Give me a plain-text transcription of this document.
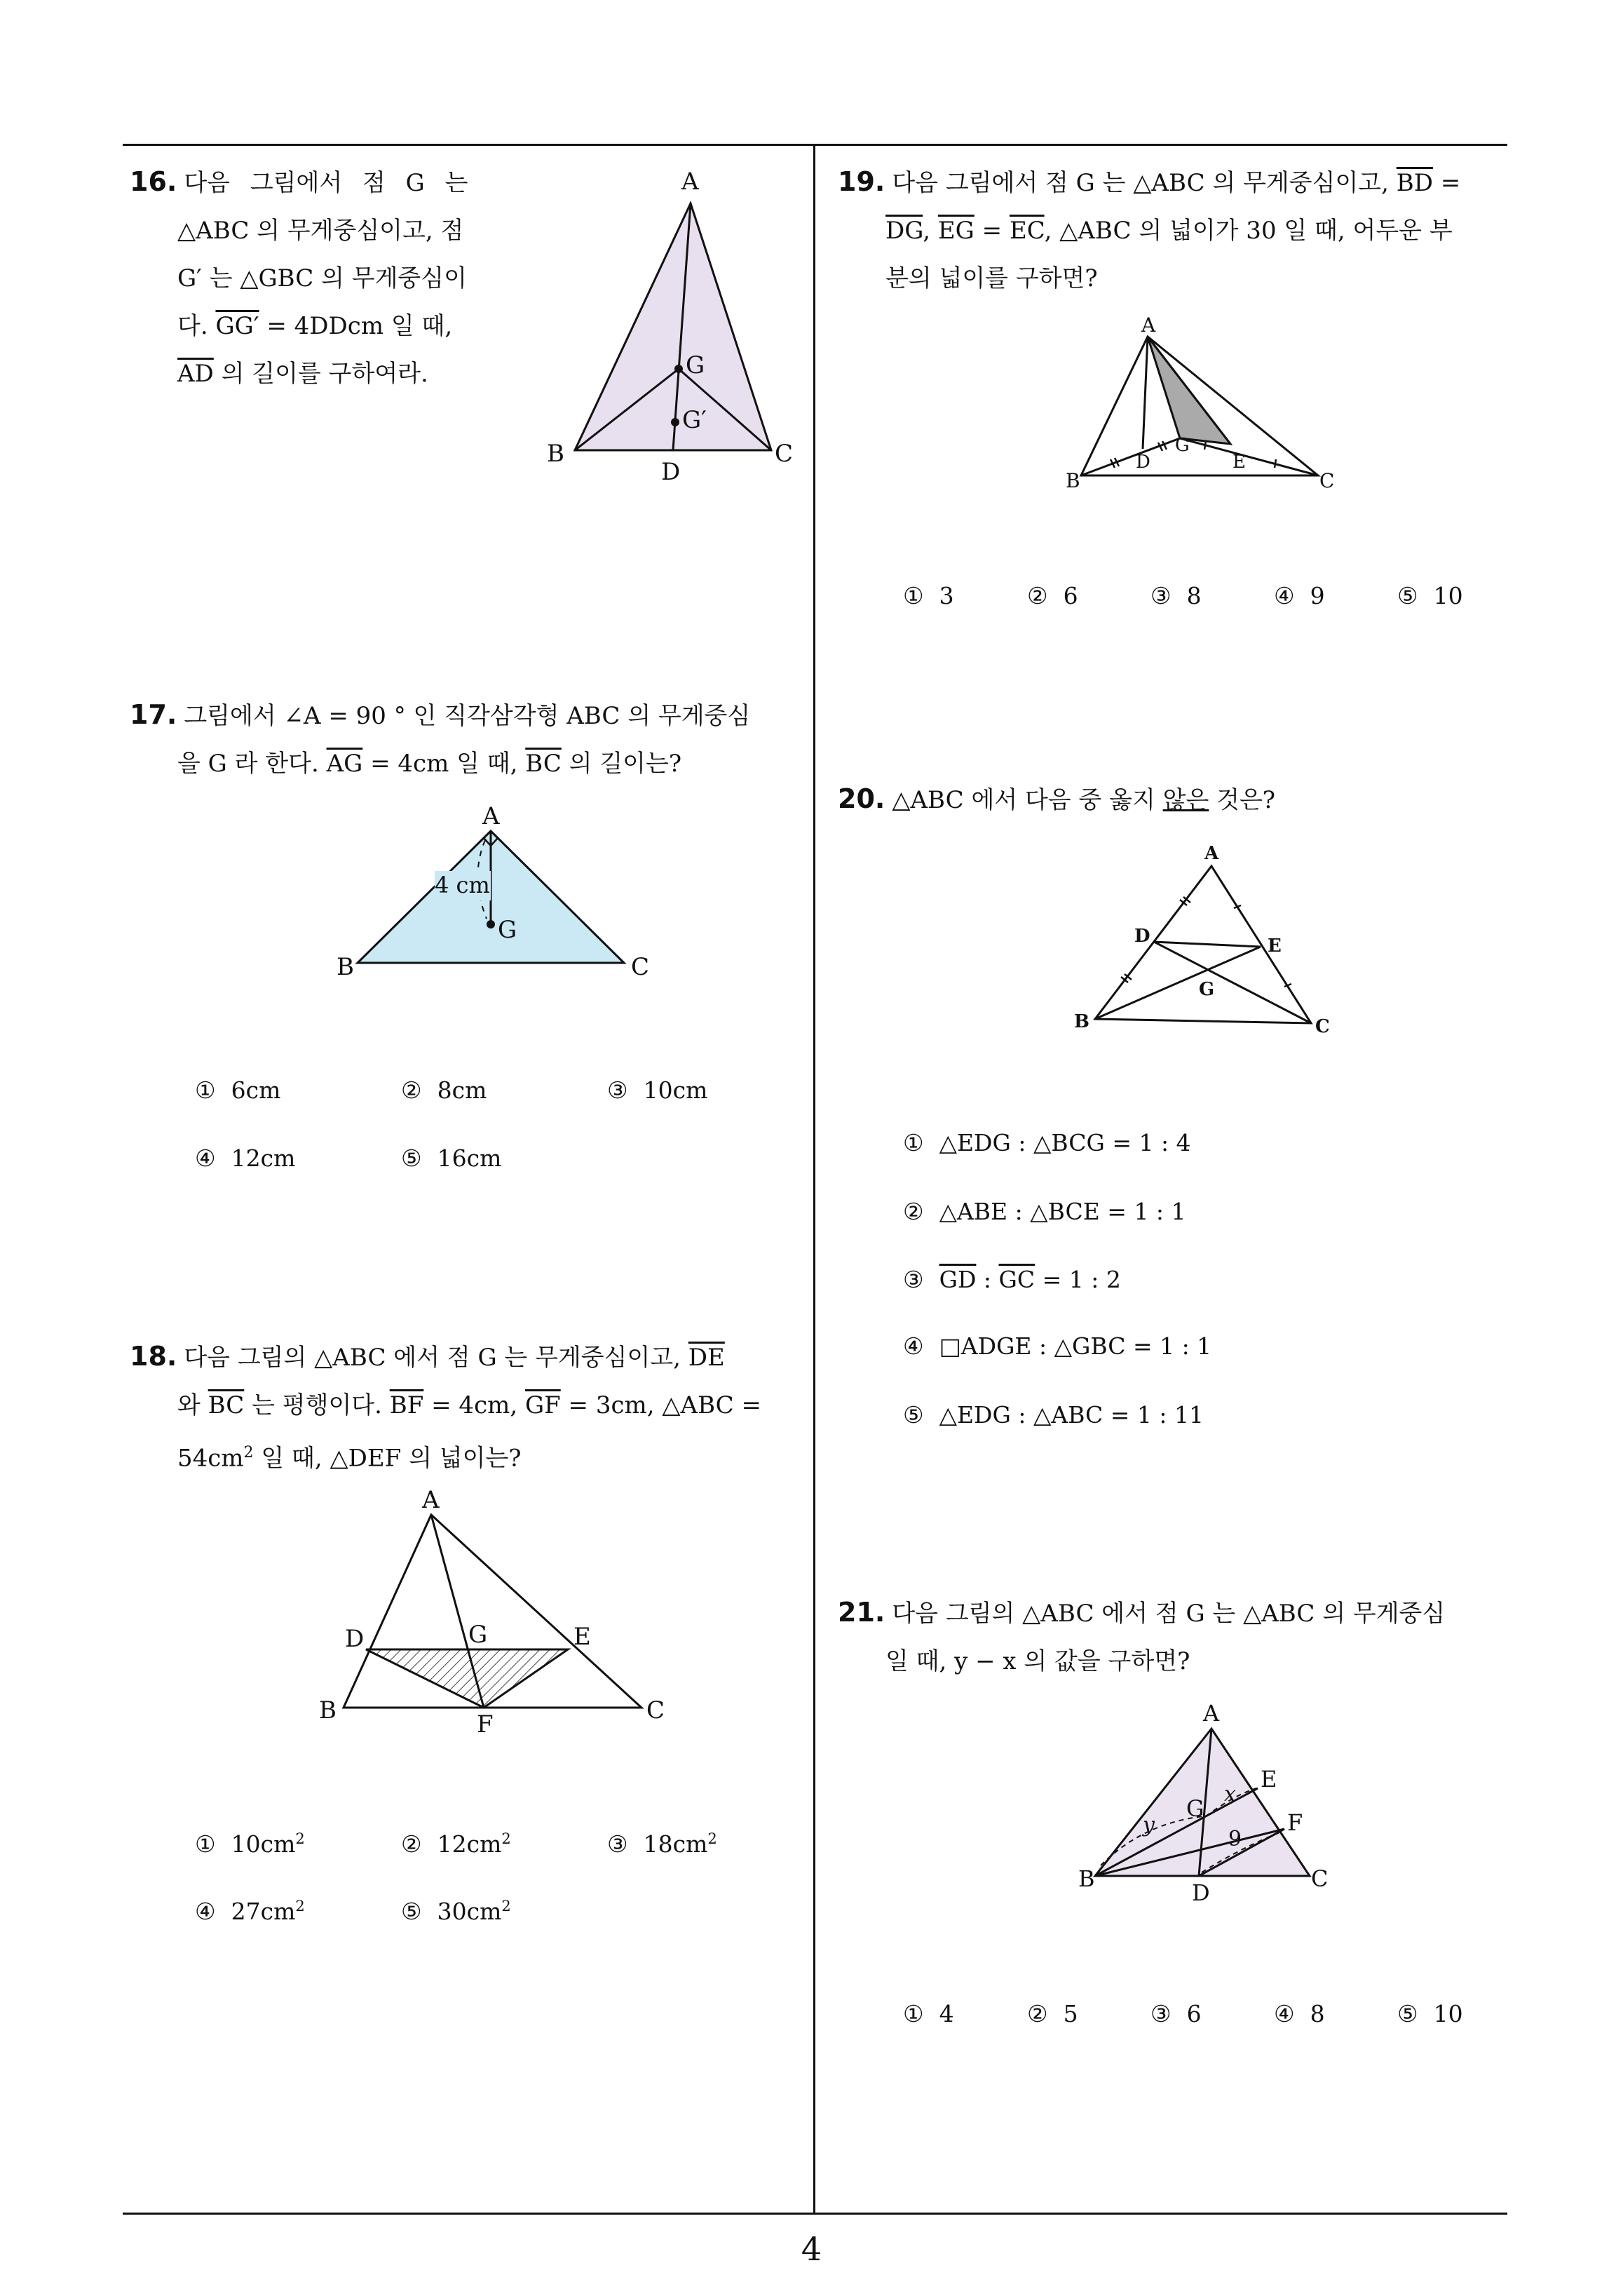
4
16. 다음 그림에서 점 G 는
△ABC 의 무게중심이고, 점
G′ 는 △GBC 의 무게중심이
다. GG′ = 4DDcm 일 때,
$\overline{AD}$ 의 길이를 구하여라.
A
B	C
D
G
G′
17. 그림에서 ∠A = 90 ° 인 직각삼각형 ABC 의 무게중심
을 G 라 한다. $\overline{AG} = 4cm$ 일 때, $\overline{BC}$ 의 길이는?
4 cm
A
B	C
G
① 6cm	② 8cm	③ 10cm
④ 12cm	⑤ 16cm
18. 다음 그림의 △ABC 에서 점 G 는 무게중심이고, $\overline{DE}$
와 $\overline{BC}$ 는 평행이다. $\overline{BF} = 4cm$, $\overline{GF} = 3cm$, △ABC =
$54cm^2$ 일 때, △DEF 의 넓이는?
A
B	C
D	E
F
G
① $10cm^2$	② $12cm^2$	③ $18cm^2$
④ $27cm^2$	⑤ $30cm^2$
19. 다음 그림에서 점 G 는 △ABC 의 무게중심이고, $\overline{BD}$ =
$\overline{DG}$, $\overline{EG} = \overline{EC}$, △ABC 의 넓이가 30 일 때, 어두운 부
분의 넓이를 구하면?
A
B	C
D	E
G
① 3	② 6	③ 8	④ 9	⑤ 10
20. △ABC 에서 다음 중 옳지 않은 것은?
A
B	C
D	E
G
① △EDG : △BCG = 1 : 4
② △ABE : △BCE = 1 : 1
③ $\overline{GD}$ : $\overline{GC} = 1$ : 2
④ □ADGE : △GBC = 1 : 1
⑤ △EDG : △ABC = 1 : 11
21. 다음 그림의 △ABC 에서 점 G 는 △ABC 의 무게중심
일 때, y − x 의 값을 구하면?
A
B	C
D
E
F
G
x
y
9
① 4	② 5	③ 6	④ 8	⑤ 10
